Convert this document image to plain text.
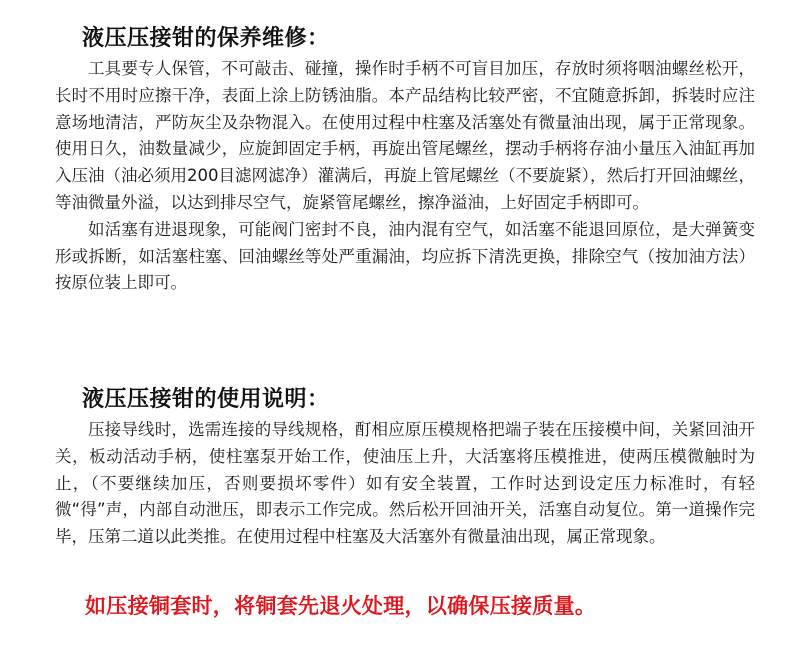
液压压接钳的保养维修：

工具要专人保管，不可敲击、碰撞，操作时手柄不可盲目加压，存放时须将咽油螺丝松开，长时不用时应擦干净，表面上涂上防锈油脂。本产品结构比较严密，不宜随意拆卸，拆装时应注意场地清洁，严防灰尘及杂物混入。在使用过程中柱塞及活塞处有微量油出现，属于正常现象。使用日久，油数量减少，应旋卸固定手柄，再旋出管尾螺丝，摆动手柄将存油小量压入油缸再加入压油（油必须用200目滤网滤净）灌满后，再旋上管尾螺丝（不要旋紧），然后打开回油螺丝，等油微量外溢，以达到排尽空气，旋紧管尾螺丝，擦净溢油，上好固定手柄即可。

如活塞有进退现象，可能阀门密封不良，油内混有空气，如活塞不能退回原位，是大弹簧变形或拆断，如活塞柱塞、回油螺丝等处严重漏油，均应拆下清洗更换，排除空气（按加油方法）按原位装上即可。

液压压接钳的使用说明：

压接导线时，选需连接的导线规格，酊相应原压模规格把端子装在压接模中间，关紧回油开关，板动活动手柄，使柱塞泵开始工作，使油压上升，大活塞将压模推进，使两压模微触时为止，（不要继续加压，否则要损坏零件）如有安全装置，工作时达到设定压力标准时，有轻微“得”声，内部自动泄压，即表示工作完成。然后松开回油开关，活塞自动复位。第一道操作完毕，压第二道以此类推。在使用过程中柱塞及大活塞外有微量油出现，属正常现象。

如压接铜套时，将铜套先退火处理，以确保压接质量。
